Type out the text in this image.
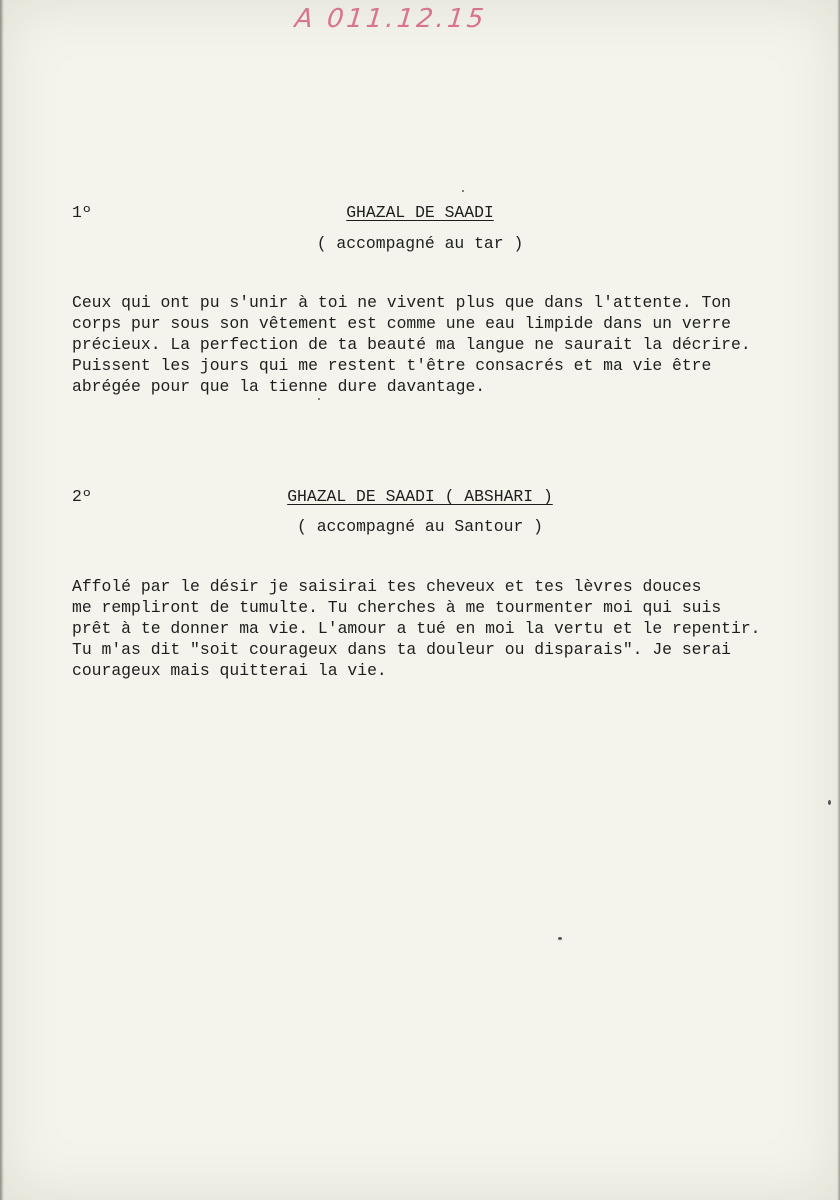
A 011.12.15
1º	GHAZAL DE SAADI
( accompagné au tar )

Ceux qui ont pu s'unir à toi ne vivent plus que dans l'attente. Ton
corps pur sous son vêtement est comme une eau limpide dans un verre
précieux. La perfection de ta beauté ma langue ne saurait la décrire.
Puissent les jours qui me restent t'être consacrés et ma vie être
abrégée pour que la tienne dure davantage.

2º	GHAZAL DE SAADI ( ABSHARI )
( accompagné au Santour )

Affolé par le désir je saisirai tes cheveux et tes lèvres douces
me rempliront de tumulte. Tu cherches à me tourmenter moi qui suis
prêt à te donner ma vie. L'amour a tué en moi la vertu et le repentir.
Tu m'as dit "soit courageux dans ta douleur ou disparais". Je serai
courageux mais quitterai la vie.
